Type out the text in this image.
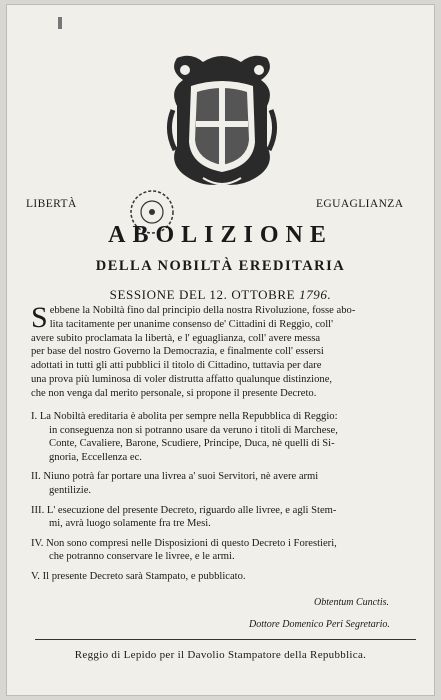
LIBERTÀ	EGUAGLIANZA
ABOLIZIONE
DELLA NOBILTÀ EREDITARIA
SESSIONE DEL 12. OTTOBRE 1796.
S ebbene la Nobiltà fino dal principio della nostra Rivoluzione, fosse abo-
lita tacitamente per unanime consenso de' Cittadini di Reggio, coll'
avere subito proclamata la libertà, e l' eguaglianza, coll' avere messa
per base del nostro Governo la Democrazia, e finalmente coll' essersi
adottati in tutti gli atti pubblici il titolo di Cittadino, tuttavia per dare
una prova più luminosa di voler distrutta affatto qualunque distinzione,
che non venga dal merito personale, si propone il presente Decreto.
I. La Nobiltà ereditaria è abolita per sempre nella Repubblica di Reggio:
in conseguenza non si potranno usare da veruno i titoli di Marchese,
Conte, Cavaliere, Barone, Scudiere, Principe, Duca, nè quelli di Si-
gnoria, Eccellenza ec.
II. Niuno potrà far portare una livrea a' suoi Servitori, nè avere armi
gentilizie.
III. L' esecuzione del presente Decreto, riguardo alle livree, e agli Stem-
mi, avrà luogo solamente fra tre Mesi.
IV. Non sono compresi nelle Disposizioni di questo Decreto i Forestieri,
che potranno conservare le livree, e le armi.
V. Il presente Decreto sarà Stampato, e pubblicato.
Obtentum Cunctis.
Dottore Domenico Peri Segretario.
Reggio di Lepido per il Davolio Stampatore della Repubblica.
